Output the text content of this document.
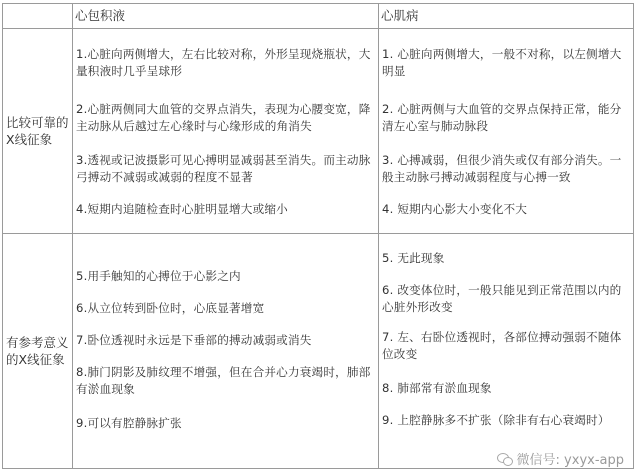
心包积液	心肌病
比较可靠的X线征象
1.心脏向两侧增大，左右比较对称，外形呈现烧瓶状，大量积液时几乎呈球形
2.心脏两侧同大血管的交界点消失，表现为心腰变宽，降主动脉从后越过左心缘时与心缘形成的角消失
3.透视或记波摄影可见心搏明显减弱甚至消失。而主动脉弓搏动不减弱或减弱的程度不显著
4.短期内追随检查时心脏明显增大或缩小
1. 心脏向两侧增大，一般不对称，以左侧增大明显
2. 心脏两侧与大血管的交界点保持正常，能分清左心室与肺动脉段
3. 心搏减弱，但很少消失或仅有部分消失。一般主动脉弓搏动减弱程度与心搏一致
4. 短期内心影大小变化不大
有参考意义的X线征象
5.用手触知的心搏位于心影之内
6.从立位转到卧位时，心底显著增宽
7.卧位透视时永远是下垂部的搏动减弱或消失
8.肺门阴影及肺纹理不增强，但在合并心力衰竭时，肺部有淤血现象
9.可以有腔静脉扩张
5. 无此现象
6. 改变体位时，一般只能见到正常范围以内的心脏外形改变
7. 左、右卧位透视时，各部位搏动强弱不随体位改变
8. 肺部常有淤血现象
9. 上腔静脉多不扩张（除非有右心衰竭时）
微信号: yxyx-app
